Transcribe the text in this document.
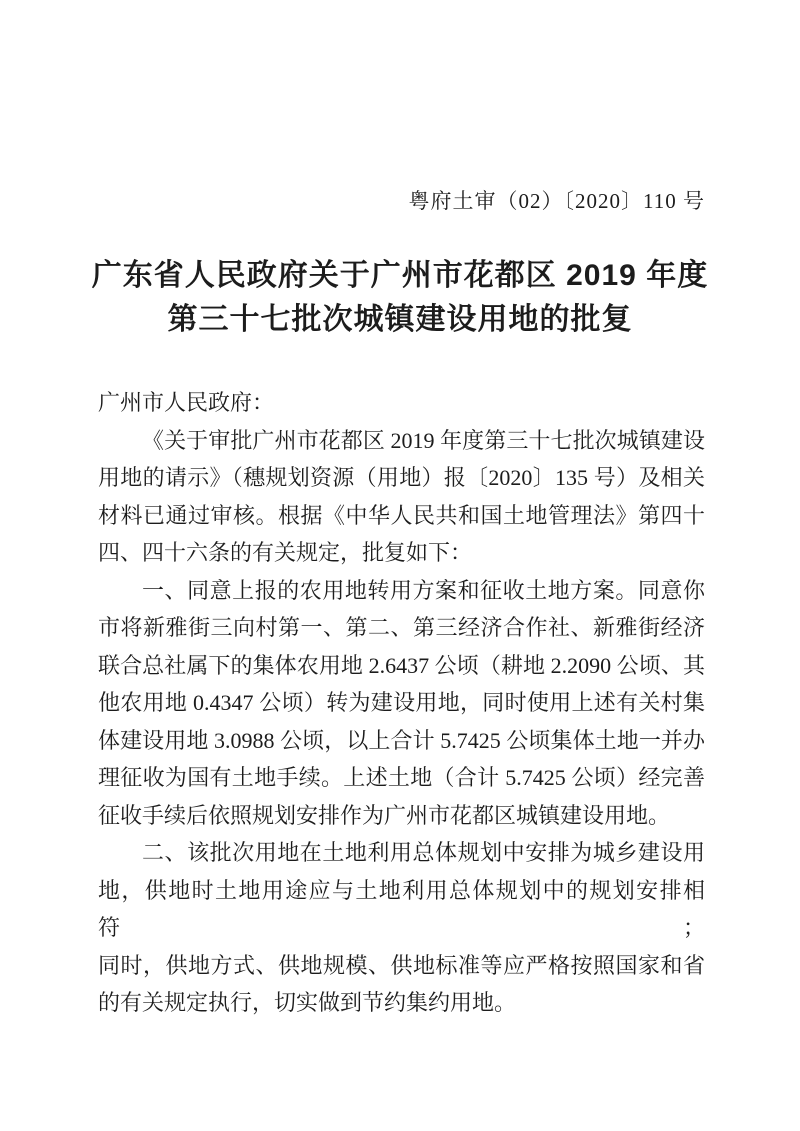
粤府土审（02）〔2020〕110 号
广东省人民政府关于广州市花都区 2019 年度
第三十七批次城镇建设用地的批复
广州市人民政府：
《关于审批广州市花都区 2019 年度第三十七批次城镇建设
用地的请示》（穗规划资源（用地）报〔2020〕135 号）及相关
材料已通过审核。根据《中华人民共和国土地管理法》第四十
四、四十六条的有关规定，批复如下：
一、同意上报的农用地转用方案和征收土地方案。同意你
市将新雅街三向村第一、第二、第三经济合作社、新雅街经济
联合总社属下的集体农用地 2.6437 公顷（耕地 2.2090 公顷、其
他农用地 0.4347 公顷）转为建设用地，同时使用上述有关村集
体建设用地 3.0988 公顷，以上合计 5.7425 公顷集体土地一并办
理征收为国有土地手续。上述土地（合计 5.7425 公顷）经完善
征收手续后依照规划安排作为广州市花都区城镇建设用地。
二、该批次用地在土地利用总体规划中安排为城乡建设用
地，供地时土地用途应与土地利用总体规划中的规划安排相符；
同时，供地方式、供地规模、供地标准等应严格按照国家和省
的有关规定执行，切实做到节约集约用地。
